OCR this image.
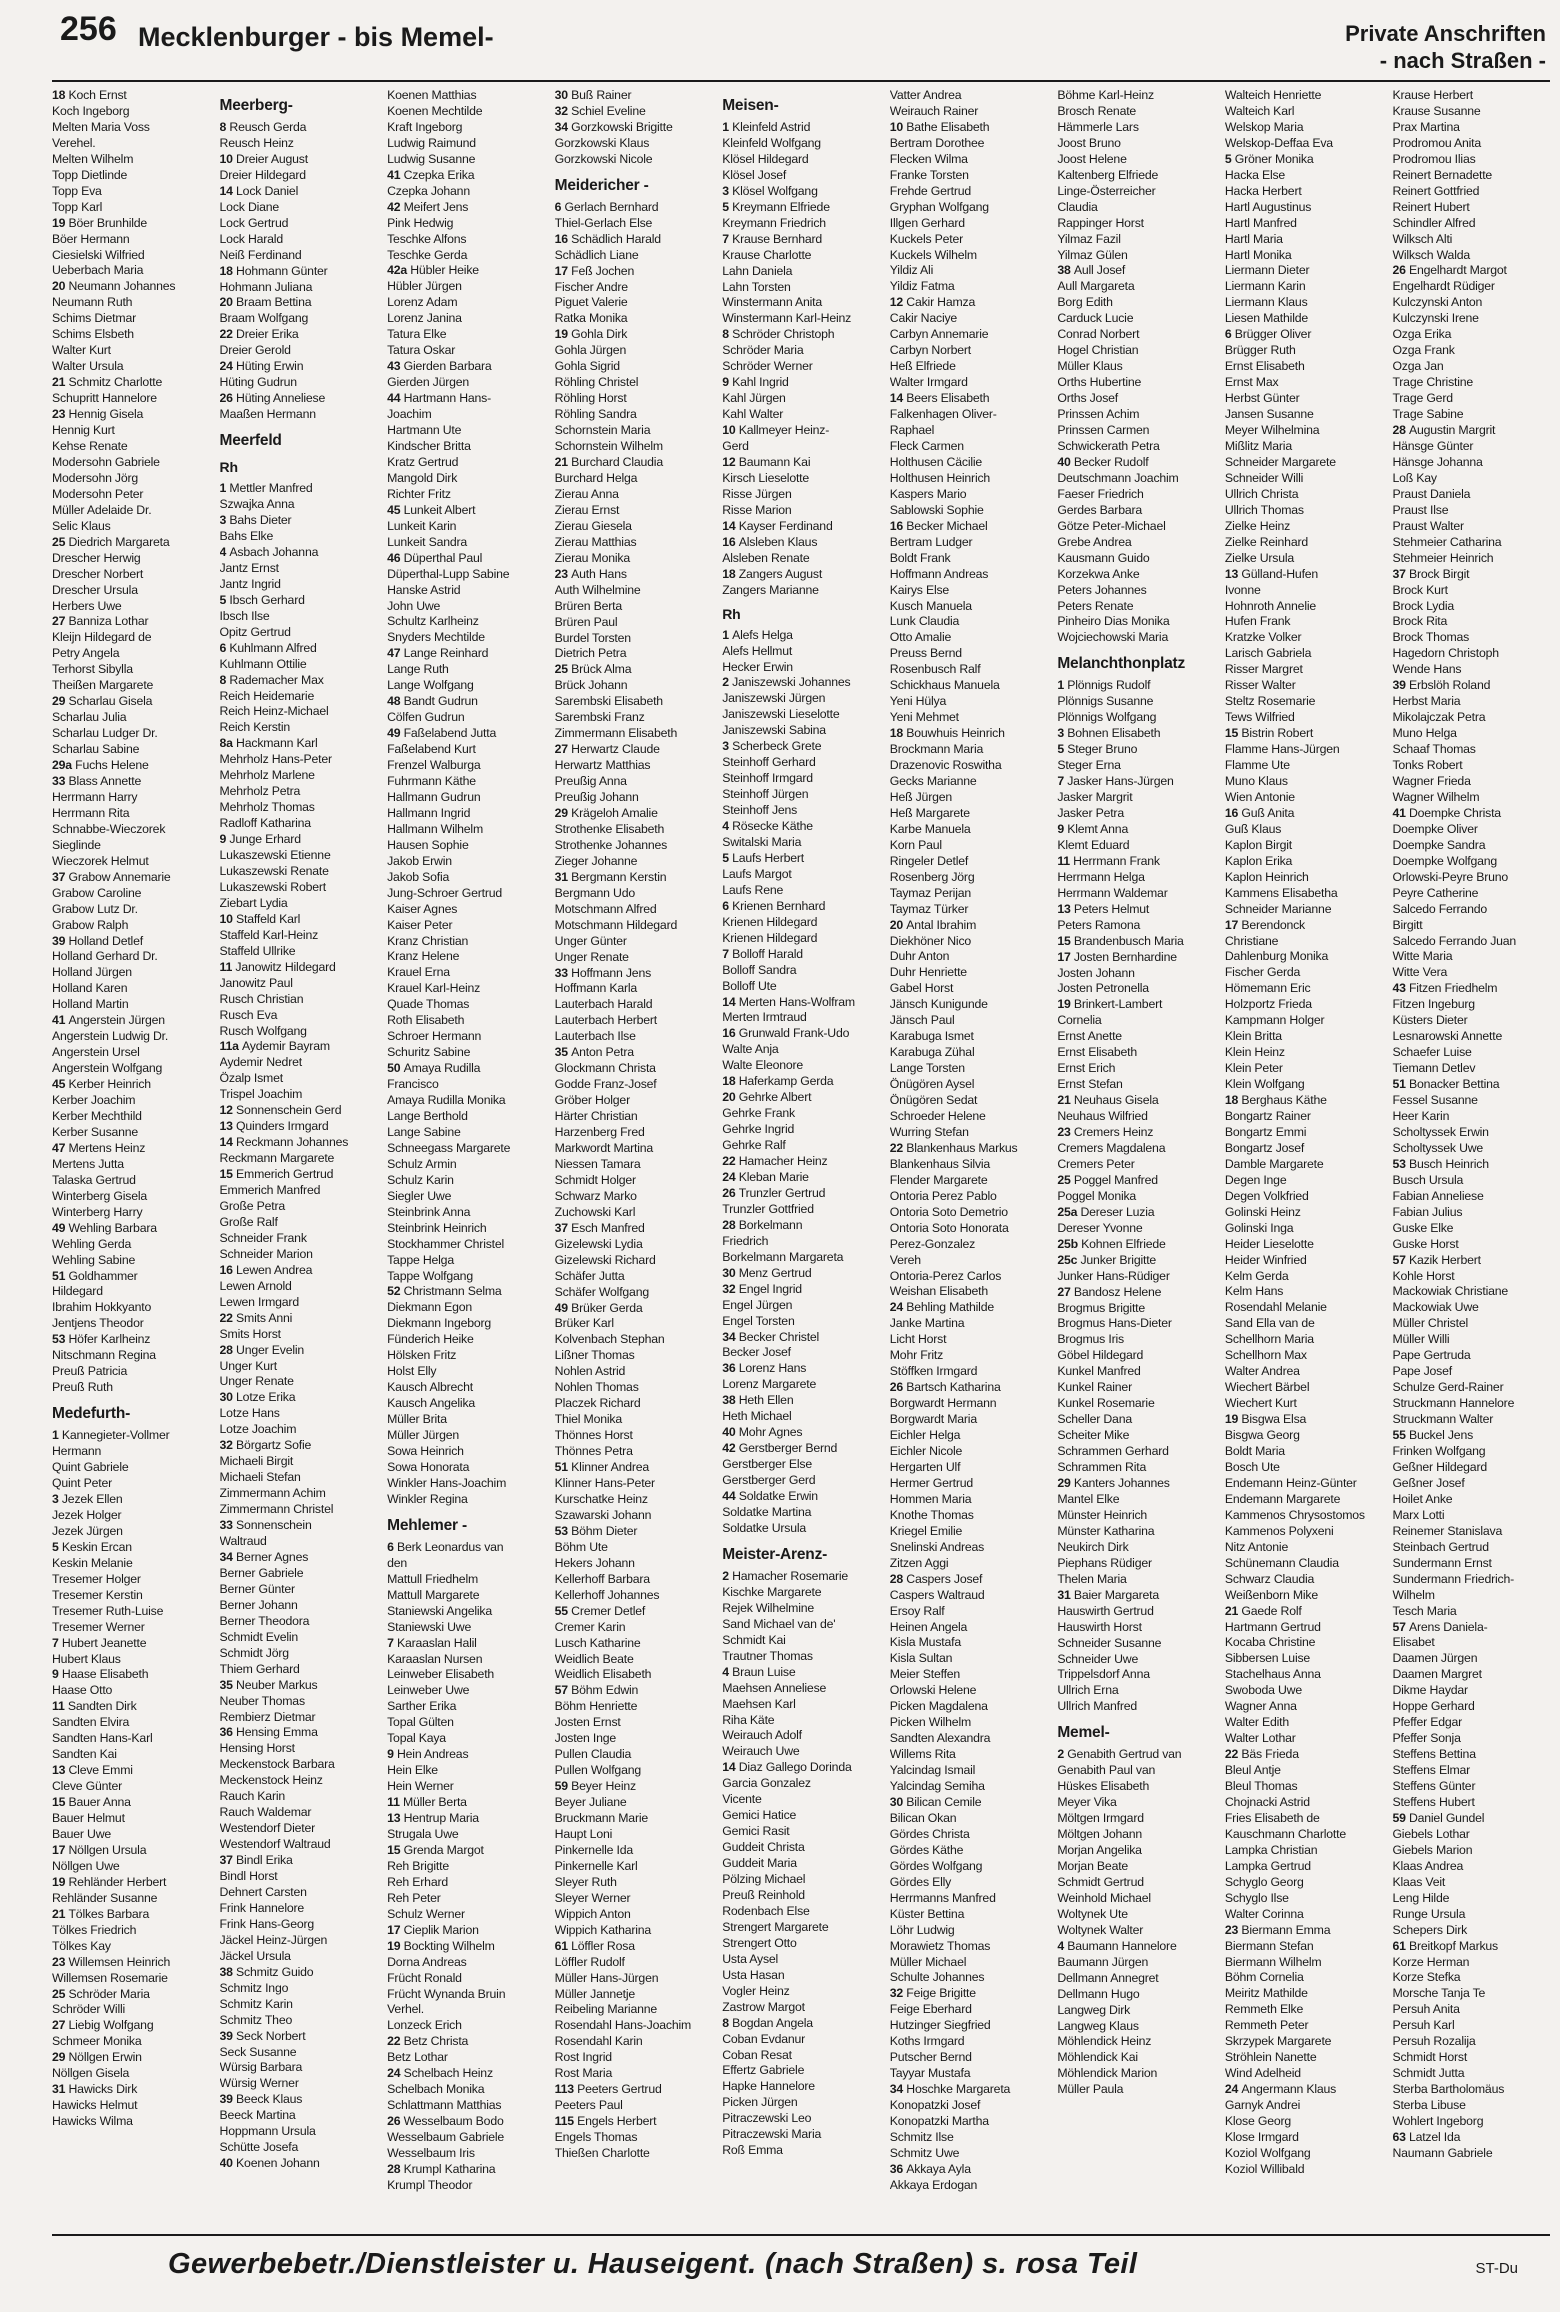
256 Mecklenburger - bis Memel-	Private Anschriften
- nach Straßen -
18 Koch Ernst
Koch Ingeborg
Melten Maria Voss
Verehel.
Melten Wilhelm
Topp Dietlinde
Topp Eva
Topp Karl
19 Böer Brunhilde
Böer Hermann
Ciesielski Wilfried
Ueberbach Maria
20 Neumann Johannes
Neumann Ruth
Schims Dietmar
Schims Elsbeth
Walter Kurt
Walter Ursula
21 Schmitz Charlotte
Schupritt Hannelore
23 Hennig Gisela
Hennig Kurt
Kehse Renate
Modersohn Gabriele
Modersohn Jörg
Modersohn Peter
Müller Adelaide Dr.
Selic Klaus
25 Diedrich Margareta
Drescher Herwig
Drescher Norbert
Drescher Ursula
Herbers Uwe
27 Banniza Lothar
Kleijn Hildegard de
Petry Angela
Terhorst Sibylla
Theißen Margarete
29 Scharlau Gisela
Scharlau Julia
Scharlau Ludger Dr.
Scharlau Sabine
29a Fuchs Helene
33 Blass Annette
Herrmann Harry
Herrmann Rita
Schnabbe-Wieczorek
Sieglinde
Wieczorek Helmut
37 Grabow Annemarie
Grabow Caroline
Grabow Lutz Dr.
Grabow Ralph
39 Holland Detlef
Holland Gerhard Dr.
Holland Jürgen
Holland Karen
Holland Martin
41 Angerstein Jürgen
Angerstein Ludwig Dr.
Angerstein Ursel
Angerstein Wolfgang
45 Kerber Heinrich
Kerber Joachim
Kerber Mechthild
Kerber Susanne
47 Mertens Heinz
Mertens Jutta
Talaska Gertrud
Winterberg Gisela
Winterberg Harry
49 Wehling Barbara
Wehling Gerda
Wehling Sabine
51 Goldhammer
Hildegard
Ibrahim Hokkyanto
Jentjens Theodor
53 Höfer Karlheinz
Nitschmann Regina
Preuß Patricia
Preuß Ruth
Medefurth-
1 Kannegieter-Vollmer
Hermann
Quint Gabriele
Quint Peter
3 Jezek Ellen
Jezek Holger
Jezek Jürgen
5 Keskin Ercan
Keskin Melanie
Tresemer Holger
Tresemer Kerstin
Tresemer Ruth-Luise
Tresemer Werner
7 Hubert Jeanette
Hubert Klaus
9 Haase Elisabeth
Haase Otto
11 Sandten Dirk
Sandten Elvira
Sandten Hans-Karl
Sandten Kai
13 Cleve Emmi
Cleve Günter
15 Bauer Anna
Bauer Helmut
Bauer Uwe
17 Nöllgen Ursula
Nöllgen Uwe
19 Rehländer Herbert
Rehländer Susanne
21 Tölkes Barbara
Tölkes Friedrich
Tölkes Kay
23 Willemsen Heinrich
Willemsen Rosemarie
25 Schröder Maria
Schröder Willi
27 Liebig Wolfgang
Schmeer Monika
29 Nöllgen Erwin
Nöllgen Gisela
31 Hawicks Dirk
Hawicks Helmut
Hawicks Wilma
Meerberg-
8 Reusch Gerda
Reusch Heinz
10 Dreier August
Dreier Hildegard
14 Lock Daniel
Lock Diane
Lock Gertrud
Lock Harald
Neiß Ferdinand
18 Hohmann Günter
Hohmann Juliana
20 Braam Bettina
Braam Wolfgang
22 Dreier Erika
Dreier Gerold
24 Hüting Erwin
Hüting Gudrun
26 Hüting Anneliese
Maaßen Hermann
Meerfeld
Rh
1 Mettler Manfred
Szwajka Anna
3 Bahs Dieter
Bahs Elke
4 Asbach Johanna
Jantz Ernst
Jantz Ingrid
5 Ibsch Gerhard
Ibsch Ilse
Opitz Gertrud
6 Kuhlmann Alfred
Kuhlmann Ottilie
8 Rademacher Max
Reich Heidemarie
Reich Heinz-Michael
Reich Kerstin
8a Hackmann Karl
Mehrholz Hans-Peter
Mehrholz Marlene
Mehrholz Petra
Mehrholz Thomas
Radloff Katharina
9 Junge Erhard
Lukaszewski Etienne
Lukaszewski Renate
Lukaszewski Robert
Ziebart Lydia
10 Staffeld Karl
Staffeld Karl-Heinz
Staffeld Ullrike
11 Janowitz Hildegard
Janowitz Paul
Rusch Christian
Rusch Eva
Rusch Wolfgang
11a Aydemir Bayram
Aydemir Nedret
Özalp Ismet
Trispel Joachim
12 Sonnenschein Gerd
13 Quinders Irmgard
14 Reckmann Johannes
Reckmann Margarete
15 Emmerich Gertrud
Emmerich Manfred
Große Petra
Große Ralf
Schneider Frank
Schneider Marion
16 Lewen Andrea
Lewen Arnold
Lewen Irmgard
22 Smits Anni
Smits Horst
28 Unger Evelin
Unger Kurt
Unger Renate
30 Lotze Erika
Lotze Hans
Lotze Joachim
32 Börgartz Sofie
Michaeli Birgit
Michaeli Stefan
Zimmermann Achim
Zimmermann Christel
33 Sonnenschein
Waltraud
34 Berner Agnes
Berner Gabriele
Berner Günter
Berner Johann
Berner Theodora
Schmidt Evelin
Schmidt Jörg
Thiem Gerhard
35 Neuber Markus
Neuber Thomas
Rembierz Dietmar
36 Hensing Emma
Hensing Horst
Meckenstock Barbara
Meckenstock Heinz
Rauch Karin
Rauch Waldemar
Westendorf Dieter
Westendorf Waltraud
37 Bindl Erika
Bindl Horst
Dehnert Carsten
Frink Hannelore
Frink Hans-Georg
Jäckel Heinz-Jürgen
Jäckel Ursula
38 Schmitz Guido
Schmitz Ingo
Schmitz Karin
Schmitz Theo
39 Seck Norbert
Seck Susanne
Würsig Barbara
Würsig Werner
39 Beeck Klaus
Beeck Martina
Hoppmann Ursula
Schütte Josefa
40 Koenen Johann
Koenen Matthias
Koenen Mechtilde
Kraft Ingeborg
Ludwig Raimund
Ludwig Susanne
41 Czepka Erika
Czepka Johann
42 Meifert Jens
Pink Hedwig
Teschke Alfons
Teschke Gerda
42a Hübler Heike
Hübler Jürgen
Lorenz Adam
Lorenz Janina
Tatura Elke
Tatura Oskar
43 Gierden Barbara
Gierden Jürgen
44 Hartmann Hans-
Joachim
Hartmann Ute
Kindscher Britta
Kratz Gertrud
Mangold Dirk
Richter Fritz
45 Lunkeit Albert
Lunkeit Karin
Lunkeit Sandra
46 Düperthal Paul
Düperthal-Lupp Sabine
Hanske Astrid
John Uwe
Schultz Karlheinz
Snyders Mechtilde
47 Lange Reinhard
Lange Ruth
Lange Wolfgang
48 Bandt Gudrun
Cölfen Gudrun
49 Faßelabend Jutta
Faßelabend Kurt
Frenzel Walburga
Fuhrmann Käthe
Hallmann Gudrun
Hallmann Ingrid
Hallmann Wilhelm
Hausen Sophie
Jakob Erwin
Jakob Sofia
Jung-Schroer Gertrud
Kaiser Agnes
Kaiser Peter
Kranz Christian
Kranz Helene
Krauel Erna
Krauel Karl-Heinz
Quade Thomas
Roth Elisabeth
Schroer Hermann
Schuritz Sabine
50 Amaya Rudilla
Francisco
Amaya Rudilla Monika
Lange Berthold
Lange Sabine
Schneegass Margarete
Schulz Armin
Schulz Karin
Siegler Uwe
Steinbrink Anna
Steinbrink Heinrich
Stockhammer Christel
Tappe Helga
Tappe Wolfgang
52 Christmann Selma
Diekmann Egon
Diekmann Ingeborg
Fünderich Heike
Hölsken Fritz
Holst Elly
Kausch Albrecht
Kausch Angelika
Müller Brita
Müller Jürgen
Sowa Heinrich
Sowa Honorata
Winkler Hans-Joachim
Winkler Regina
Mehlemer -
6 Berk Leonardus van
den
Mattull Friedhelm
Mattull Margarete
Staniewski Angelika
Staniewski Uwe
7 Karaaslan Halil
Karaaslan Nursen
Leinweber Elisabeth
Leinweber Uwe
Sarther Erika
Topal Gülten
Topal Kaya
9 Hein Andreas
Hein Elke
Hein Werner
11 Müller Berta
13 Hentrup Maria
Strugala Uwe
15 Grenda Margot
Reh Brigitte
Reh Erhard
Reh Peter
Schulz Werner
17 Cieplik Marion
19 Bockting Wilhelm
Dorna Andreas
Frücht Ronald
Frücht Wynanda Bruin
Verhel.
Lonzeck Erich
22 Betz Christa
Betz Lothar
24 Schelbach Heinz
Schelbach Monika
Schlattmann Matthias
26 Wesselbaum Bodo
Wesselbaum Gabriele
Wesselbaum Iris
28 Krumpl Katharina
Krumpl Theodor
30 Buß Rainer
32 Schiel Eveline
34 Gorzkowski Brigitte
Gorzkowski Klaus
Gorzkowski Nicole
Meidericher -
6 Gerlach Bernhard
Thiel-Gerlach Else
16 Schädlich Harald
Schädlich Liane
17 Feß Jochen
Fischer Andre
Piguet Valerie
Ratka Monika
19 Gohla Dirk
Gohla Jürgen
Gohla Sigrid
Röhling Christel
Röhling Horst
Röhling Sandra
Schornstein Maria
Schornstein Wilhelm
21 Burchard Claudia
Burchard Helga
Zierau Anna
Zierau Ernst
Zierau Giesela
Zierau Matthias
Zierau Monika
23 Auth Hans
Auth Wilhelmine
Brüren Berta
Brüren Paul
Burdel Torsten
Dietrich Petra
25 Brück Alma
Brück Johann
Sarembski Elisabeth
Sarembski Franz
Zimmermann Elisabeth
27 Herwartz Claude
Herwartz Matthias
Preußig Anna
Preußig Johann
29 Krägeloh Amalie
Strothenke Elisabeth
Strothenke Johannes
Zieger Johanne
31 Bergmann Kerstin
Bergmann Udo
Motschmann Alfred
Motschmann Hildegard
Unger Günter
Unger Renate
33 Hoffmann Jens
Hoffmann Karla
Lauterbach Harald
Lauterbach Herbert
Lauterbach Ilse
35 Anton Petra
Glockmann Christa
Godde Franz-Josef
Gröber Holger
Härter Christian
Harzenberg Fred
Markwordt Martina
Niessen Tamara
Schmidt Holger
Schwarz Marko
Zuchowski Karl
37 Esch Manfred
Gizelewski Lydia
Gizelewski Richard
Schäfer Jutta
Schäfer Wolfgang
49 Brüker Gerda
Brüker Karl
Kolvenbach Stephan
Lißner Thomas
Nohlen Astrid
Nohlen Thomas
Placzek Richard
Thiel Monika
Thönnes Horst
Thönnes Petra
51 Klinner Andrea
Klinner Hans-Peter
Kurschatke Heinz
Szawarski Johann
53 Böhm Dieter
Böhm Ute
Hekers Johann
Kellerhoff Barbara
Kellerhoff Johannes
55 Cremer Detlef
Cremer Karin
Lusch Katharine
Weidlich Beate
Weidlich Elisabeth
57 Böhm Edwin
Böhm Henriette
Josten Ernst
Josten Inge
Pullen Claudia
Pullen Wolfgang
59 Beyer Heinz
Beyer Juliane
Bruckmann Marie
Haupt Loni
Pinkernelle Ida
Pinkernelle Karl
Sleyer Ruth
Sleyer Werner
Wippich Anton
Wippich Katharina
61 Löffler Rosa
Löffler Rudolf
Müller Hans-Jürgen
Müller Jannetje
Reibeling Marianne
Rosendahl Hans-Joachim
Rosendahl Karin
Rost Ingrid
Rost Maria
113 Peeters Gertrud
Peeters Paul
115 Engels Herbert
Engels Thomas
Thießen Charlotte
Meisen-
1 Kleinfeld Astrid
Kleinfeld Wolfgang
Klösel Hildegard
Klösel Josef
3 Klösel Wolfgang
5 Kreymann Elfriede
Kreymann Friedrich
7 Krause Bernhard
Krause Charlotte
Lahn Daniela
Lahn Torsten
Winstermann Anita
Winstermann Karl-Heinz
8 Schröder Christoph
Schröder Maria
Schröder Werner
9 Kahl Ingrid
Kahl Jürgen
Kahl Walter
10 Kallmeyer Heinz-
Gerd
12 Baumann Kai
Kirsch Lieselotte
Risse Jürgen
Risse Marion
14 Kayser Ferdinand
16 Alsleben Klaus
Alsleben Renate
18 Zangers August
Zangers Marianne
Rh
1 Alefs Helga
Alefs Hellmut
Hecker Erwin
2 Janiszewski Johannes
Janiszewski Jürgen
Janiszewski Lieselotte
Janiszewski Sabina
3 Scherbeck Grete
Steinhoff Gerhard
Steinhoff Irmgard
Steinhoff Jürgen
Steinhoff Jens
4 Rösecke Käthe
Switalski Maria
5 Laufs Herbert
Laufs Margot
Laufs Rene
6 Krienen Bernhard
Krienen Hildegard
Krienen Hildegard
7 Bolloff Harald
Bolloff Sandra
Bolloff Ute
14 Merten Hans-Wolfram
Merten Irmtraud
16 Grunwald Frank-Udo
Walte Anja
Walte Eleonore
18 Haferkamp Gerda
20 Gehrke Albert
Gehrke Frank
Gehrke Ingrid
Gehrke Ralf
22 Hamacher Heinz
24 Kleban Marie
26 Trunzler Gertrud
Trunzler Gottfried
28 Borkelmann
Friedrich
Borkelmann Margareta
30 Menz Gertrud
32 Engel Ingrid
Engel Jürgen
Engel Torsten
34 Becker Christel
Becker Josef
36 Lorenz Hans
Lorenz Margarete
38 Heth Ellen
Heth Michael
40 Mohr Agnes
42 Gerstberger Bernd
Gerstberger Else
Gerstberger Gerd
44 Soldatke Erwin
Soldatke Martina
Soldatke Ursula
Meister-Arenz-
2 Hamacher Rosemarie
Kischke Margarete
Rejek Wilhelmine
Sand Michael van de'
Schmidt Kai
Trautner Thomas
4 Braun Luise
Maehsen Anneliese
Maehsen Karl
Riha Käte
Weirauch Adolf
Weirauch Uwe
14 Diaz Gallego Dorinda
Garcia Gonzalez
Vicente
Gemici Hatice
Gemici Rasit
Guddeit Christa
Guddeit Maria
Pölzing Michael
Preuß Reinhold
Rodenbach Else
Strengert Margarete
Strengert Otto
Usta Aysel
Usta Hasan
Vogler Heinz
Zastrow Margot
8 Bogdan Angela
Coban Evdanur
Coban Resat
Effertz Gabriele
Hapke Hannelore
Picken Jürgen
Pitraczewski Leo
Pitraczewski Maria
Roß Emma
Vatter Andrea
Weirauch Rainer
10 Bathe Elisabeth
Bertram Dorothee
Flecken Wilma
Franke Torsten
Frehde Gertrud
Gryphan Wolfgang
Illgen Gerhard
Kuckels Peter
Kuckels Wilhelm
Yildiz Ali
Yildiz Fatma
12 Cakir Hamza
Cakir Naciye
Carbyn Annemarie
Carbyn Norbert
Heß Elfriede
Walter Irmgard
14 Beers Elisabeth
Falkenhagen Oliver-
Raphael
Fleck Carmen
Holthusen Cäcilie
Holthusen Heinrich
Kaspers Mario
Sablowski Sophie
16 Becker Michael
Bertram Ludger
Boldt Frank
Hoffmann Andreas
Kairys Else
Kusch Manuela
Lunk Claudia
Otto Amalie
Preuss Bernd
Rosenbusch Ralf
Schickhaus Manuela
Yeni Hülya
Yeni Mehmet
18 Bouwhuis Heinrich
Brockmann Maria
Drazenovic Roswitha
Gecks Marianne
Heß Jürgen
Heß Margarete
Karbe Manuela
Korn Paul
Ringeler Detlef
Rosenberg Jörg
Taymaz Perijan
Taymaz Türker
20 Antal Ibrahim
Diekhöner Nico
Duhr Anton
Duhr Henriette
Gabel Horst
Jänsch Kunigunde
Jänsch Paul
Karabuga Ismet
Karabuga Zühal
Lange Torsten
Önügören Aysel
Önügören Sedat
Schroeder Helene
Wurring Stefan
22 Blankenhaus Markus
Blankenhaus Silvia
Flender Margarete
Ontoria Perez Pablo
Ontoria Soto Demetrio
Ontoria Soto Honorata
Perez-Gonzalez
Vereh
Ontoria-Perez Carlos
Weishan Elisabeth
24 Behling Mathilde
Janke Martina
Licht Horst
Mohr Fritz
Stöffken Irmgard
26 Bartsch Katharina
Borgwardt Hermann
Borgwardt Maria
Eichler Helga
Eichler Nicole
Hergarten Ulf
Hermer Gertrud
Hommen Maria
Knothe Thomas
Kriegel Emilie
Snelinski Andreas
Zitzen Aggi
28 Caspers Josef
Caspers Waltraud
Ersoy Ralf
Heinen Angela
Kisla Mustafa
Kisla Sultan
Meier Steffen
Orlowski Helene
Picken Magdalena
Picken Wilhelm
Sandten Alexandra
Willems Rita
Yalcindag Ismail
Yalcindag Semiha
30 Bilican Cemile
Bilican Okan
Gördes Christa
Gördes Käthe
Gördes Wolfgang
Gördes Elly
Herrmanns Manfred
Küster Bettina
Löhr Ludwig
Morawietz Thomas
Müller Michael
Schulte Johannes
32 Feige Brigitte
Feige Eberhard
Hutzinger Siegfried
Koths Irmgard
Putscher Bernd
Tayyar Mustafa
34 Hoschke Margareta
Konopatzki Josef
Konopatzki Martha
Schmitz Ilse
Schmitz Uwe
36 Akkaya Ayla
Akkaya Erdogan
Böhme Karl-Heinz
Brosch Renate
Hämmerle Lars
Joost Bruno
Joost Helene
Kaltenberg Elfriede
Linge-Österreicher
Claudia
Rappinger Horst
Yilmaz Fazil
Yilmaz Gülen
38 Aull Josef
Aull Margareta
Borg Edith
Carduck Lucie
Conrad Norbert
Hogel Christian
Müller Klaus
Orths Hubertine
Orths Josef
Prinssen Achim
Prinssen Carmen
Schwickerath Petra
40 Becker Rudolf
Deutschmann Joachim
Faeser Friedrich
Gerdes Barbara
Götze Peter-Michael
Grebe Andrea
Kausmann Guido
Korzekwa Anke
Peters Johannes
Peters Renate
Pinheiro Dias Monika
Wojciechowski Maria
Melanchthonplatz
1 Plönnigs Rudolf
Plönnigs Susanne
Plönnigs Wolfgang
3 Bohnen Elisabeth
5 Steger Bruno
Steger Erna
7 Jasker Hans-Jürgen
Jasker Margrit
Jasker Petra
9 Klemt Anna
Klemt Eduard
11 Herrmann Frank
Herrmann Helga
Herrmann Waldemar
13 Peters Helmut
Peters Ramona
15 Brandenbusch Maria
17 Josten Bernhardine
Josten Johann
Josten Petronella
19 Brinkert-Lambert
Cornelia
Ernst Anette
Ernst Elisabeth
Ernst Erich
Ernst Stefan
21 Neuhaus Gisela
Neuhaus Wilfried
23 Cremers Heinz
Cremers Magdalena
Cremers Peter
25 Poggel Manfred
Poggel Monika
25a Dereser Luzia
Dereser Yvonne
25b Kohnen Elfriede
25c Junker Brigitte
Junker Hans-Rüdiger
27 Bandosz Helene
Brogmus Brigitte
Brogmus Hans-Dieter
Brogmus Iris
Göbel Hildegard
Kunkel Manfred
Kunkel Rainer
Kunkel Rosemarie
Scheller Dana
Scheiter Mike
Schrammen Gerhard
Schrammen Rita
29 Kanters Johannes
Mantel Elke
Münster Heinrich
Münster Katharina
Neukirch Dirk
Piephans Rüdiger
Thelen Maria
31 Baier Margareta
Hauswirth Gertrud
Hauswirth Horst
Schneider Susanne
Schneider Uwe
Trippelsdorf Anna
Ullrich Erna
Ullrich Manfred
Memel-
2 Genabith Gertrud van
Genabith Paul van
Hüskes Elisabeth
Meyer Vika
Möltgen Irmgard
Möltgen Johann
Morjan Angelika
Morjan Beate
Schmidt Gertrud
Weinhold Michael
Woltynek Ute
Woltynek Walter
4 Baumann Hannelore
Baumann Jürgen
Dellmann Annegret
Dellmann Hugo
Langweg Dirk
Langweg Klaus
Möhlendick Heinz
Möhlendick Kai
Möhlendick Marion
Müller Paula
Walteich Henriette
Walteich Karl
Welskop Maria
Welskop-Deffaa Eva
5 Gröner Monika
Hacka Else
Hacka Herbert
Hartl Augustinus
Hartl Manfred
Hartl Maria
Hartl Monika
Liermann Dieter
Liermann Karin
Liermann Klaus
Liesen Mathilde
6 Brügger Oliver
Brügger Ruth
Ernst Elisabeth
Ernst Max
Herbst Günter
Jansen Susanne
Meyer Wilhelmina
Mißlitz Maria
Schneider Margarete
Schneider Willi
Ullrich Christa
Ullrich Thomas
Zielke Heinz
Zielke Reinhard
Zielke Ursula
13 Gülland-Hufen
Ivonne
Hohnroth Annelie
Hufen Frank
Kratzke Volker
Larisch Gabriela
Risser Margret
Risser Walter
Steltz Rosemarie
Tews Wilfried
15 Bistrin Robert
Flamme Hans-Jürgen
Flamme Ute
Muno Klaus
Wien Antonie
16 Guß Anita
Guß Klaus
Kaplon Birgit
Kaplon Erika
Kaplon Heinrich
Kammens Elisabetha
Schneider Marianne
17 Berendonck
Christiane
Dahlenburg Monika
Fischer Gerda
Hömemann Eric
Holzportz Frieda
Kampmann Holger
Klein Britta
Klein Heinz
Klein Peter
Klein Wolfgang
18 Berghaus Käthe
Bongartz Rainer
Bongartz Emmi
Bongartz Josef
Damble Margarete
Degen Inge
Degen Volkfried
Golinski Heinz
Golinski Inga
Heider Lieselotte
Heider Winfried
Kelm Gerda
Kelm Hans
Rosendahl Melanie
Sand Ella van de
Schellhorn Maria
Schellhorn Max
Walter Andrea
Wiechert Bärbel
Wiechert Kurt
19 Bisgwa Elsa
Bisgwa Georg
Boldt Maria
Bosch Ute
Endemann Heinz-Günter
Endemann Margarete
Kammenos Chrysostomos
Kammenos Polyxeni
Nitz Antonie
Schünemann Claudia
Schwarz Claudia
Weißenborn Mike
21 Gaede Rolf
Hartmann Gertrud
Kocaba Christine
Sibbersen Luise
Stachelhaus Anna
Swoboda Uwe
Wagner Anna
Walter Edith
Walter Lothar
22 Bäs Frieda
Bleul Antje
Bleul Thomas
Chojnacki Astrid
Fries Elisabeth de
Kauschmann Charlotte
Lampka Christian
Lampka Gertrud
Schyglo Georg
Schyglo Ilse
Walter Corinna
23 Biermann Emma
Biermann Stefan
Biermann Wilhelm
Böhm Cornelia
Meiritz Mathilde
Remmeth Elke
Remmeth Peter
Skrzypek Margarete
Ströhlein Nanette
Wind Adelheid
24 Angermann Klaus
Garnyk Andrei
Klose Georg
Klose Irmgard
Koziol Wolfgang
Koziol Willibald
Krause Herbert
Krause Susanne
Prax Martina
Prodromou Anita
Prodromou Ilias
Reinert Bernadette
Reinert Gottfried
Reinert Hubert
Schindler Alfred
Wilksch Alti
Wilksch Walda
26 Engelhardt Margot
Engelhardt Rüdiger
Kulczynski Anton
Kulczynski Irene
Ozga Erika
Ozga Frank
Ozga Jan
Trage Christine
Trage Gerd
Trage Sabine
28 Augustin Margrit
Hänsge Günter
Hänsge Johanna
Loß Kay
Praust Daniela
Praust Ilse
Praust Walter
Stehmeier Catharina
Stehmeier Heinrich
37 Brock Birgit
Brock Kurt
Brock Lydia
Brock Rita
Brock Thomas
Hagedorn Christoph
Wende Hans
39 Erbslöh Roland
Herbst Maria
Mikolajczak Petra
Muno Helga
Schaaf Thomas
Tonks Robert
Wagner Frieda
Wagner Wilhelm
41 Doempke Christa
Doempke Oliver
Doempke Sandra
Doempke Wolfgang
Orlowski-Peyre Bruno
Peyre Catherine
Salcedo Ferrando
Birgitt
Salcedo Ferrando Juan
Witte Maria
Witte Vera
43 Fitzen Friedhelm
Fitzen Ingeburg
Küsters Dieter
Lesnarowski Annette
Schaefer Luise
Tiemann Detlev
51 Bonacker Bettina
Fessel Susanne
Heer Karin
Scholtyssek Erwin
Scholtyssek Uwe
53 Busch Heinrich
Busch Ursula
Fabian Anneliese
Fabian Julius
Guske Elke
Guske Horst
57 Kazik Herbert
Kohle Horst
Mackowiak Christiane
Mackowiak Uwe
Müller Christel
Müller Willi
Pape Gertruda
Pape Josef
Schulze Gerd-Rainer
Struckmann Hannelore
Struckmann Walter
55 Buckel Jens
Frinken Wolfgang
Geßner Hildegard
Geßner Josef
Hoilet Anke
Marx Lotti
Reinemer Stanislava
Steinbach Gertrud
Sundermann Ernst
Sundermann Friedrich-
Wilhelm
Tesch Maria
57 Arens Daniela-
Elisabet
Daamen Jürgen
Daamen Margret
Dikme Haydar
Hoppe Gerhard
Pfeffer Edgar
Pfeffer Sonja
Steffens Bettina
Steffens Elmar
Steffens Günter
Steffens Hubert
59 Daniel Gundel
Giebels Lothar
Giebels Marion
Klaas Andrea
Klaas Veit
Leng Hilde
Runge Ursula
Schepers Dirk
61 Breitkopf Markus
Korze Herman
Korze Stefka
Morsche Tanja Te
Persuh Anita
Persuh Karl
Persuh Rozalija
Schmidt Horst
Schmidt Jutta
Sterba Bartholomäus
Sterba Libuse
Wohlert Ingeborg
63 Latzel Ida
Naumann Gabriele
Gewerbebetr./Dienstleister u. Hauseigent. (nach Straßen) s. rosa Teil	ST-Du
